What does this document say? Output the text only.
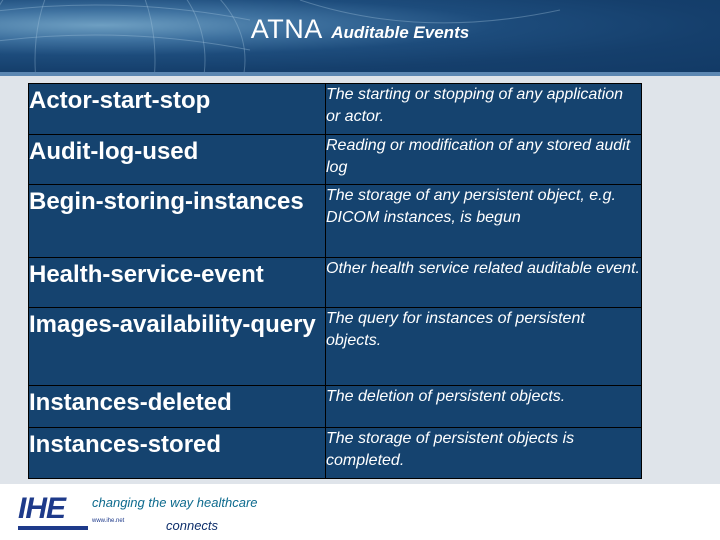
ATNA Auditable Events
Actor-start-stop	The starting or stopping of any application or actor.
Audit-log-used	Reading or modification of any stored audit log
Begin-storing-instances	The storage of any persistent object, e.g. DICOM instances, is begun
Health-service-event	Other health service related auditable event.
Images-availability-query	The query for instances of persistent objects.
Instances-deleted	The deletion of persistent objects.
Instances-stored	The storage of persistent objects is completed.
IHE changing the way healthcare
www.ihe.net	connects
